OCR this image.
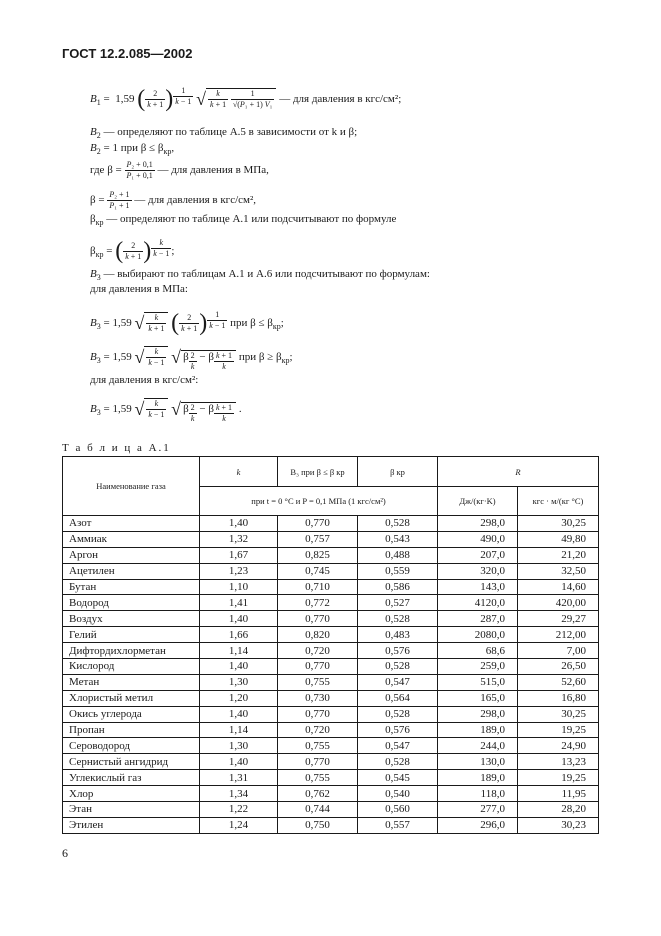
ГОСТ 12.2.085—2002
$B_1 = 1,59$ ( $\frac{2}{k + 1}$ ) $^{\frac{1}{k - 1}}$ √ $\frac{k}{k + 1}$
$\frac{1}{\text{√(P₁ + 1) V₁}}$ — для давления в кгс/см²;
$B_2$ — определяют по таблице А.5 в зависимости от k и β;
$B_2 = 1$ при $\beta \le \beta_{кр}$,
где $\beta = \frac{\text{P₂ + 0,1}}{\text{P₁ + 0,1}}$ — для давления в МПа,
$\beta = \frac{\text{P₂ + 1}}{\text{P₁ + 1}}$ — для давления в кгс/см²,
$\beta_{кр}$ — определяют по таблице А.1 или подсчитывают по формуле
$\beta_{кр}$ = ( $\frac{2}{k + 1}$ ) $^{\frac{k}{k - 1}}$ ;
$B_3$ — выбирают по таблицам А.1 и А.6 или подсчитывают по формулам:
для давления в МПа:
$B_3 = 1,59$ √ $\frac{k}{k + 1}$ ( $\frac{2}{k + 1}$ ) $^{\frac{1}{k - 1}}$ при $\beta \le \beta_{кр}$;
$B_3 = 1,59$ √ $\frac{k}{k - 1}$ √ β $^{\frac{2}{k}}$ − β $^{\frac{k + 1}{k}}$ при $\beta \ge \beta_{кр}$;
для давления в кгс/см²:
$B_3 = 1,59$ √ $\frac{k}{k - 1}$ √ β $^{\frac{2}{k}}$ − β $^{\frac{k + 1}{k}}$ .
Т а б л и ц а А.1
Наименование газа	k	B₃ при β ≤ β кр	β кр	R	
	при t = 0 °C и P = 0,1 МПа (1 кгс/см²)			Дж/(кг·K)	кгс · м/(кг °C)
Азот	1,40	0,770	0,528	298,0	30,25
Аммиак	1,32	0,757	0,543	490,0	49,80
Аргон	1,67	0,825	0,488	207,0	21,20
Ацетилен	1,23	0,745	0,559	320,0	32,50
Бутан	1,10	0,710	0,586	143,0	14,60
Водород	1,41	0,772	0,527	4120,0	420,00
Воздух	1,40	0,770	0,528	287,0	29,27
Гелий	1,66	0,820	0,483	2080,0	212,00
Дифтордихлорметан	1,14	0,720	0,576	68,6	7,00
Кислород	1,40	0,770	0,528	259,0	26,50
Метан	1,30	0,755	0,547	515,0	52,60
Хлористый метил	1,20	0,730	0,564	165,0	16,80
Окись углерода	1,40	0,770	0,528	298,0	30,25
Пропан	1,14	0,720	0,576	189,0	19,25
Сероводород	1,30	0,755	0,547	244,0	24,90
Сернистый ангидрид	1,40	0,770	0,528	130,0	13,23
Углекислый газ	1,31	0,755	0,545	189,0	19,25
Хлор	1,34	0,762	0,540	118,0	11,95
Этан	1,22	0,744	0,560	277,0	28,20
Этилен	1,24	0,750	0,557	296,0	30,23
6
